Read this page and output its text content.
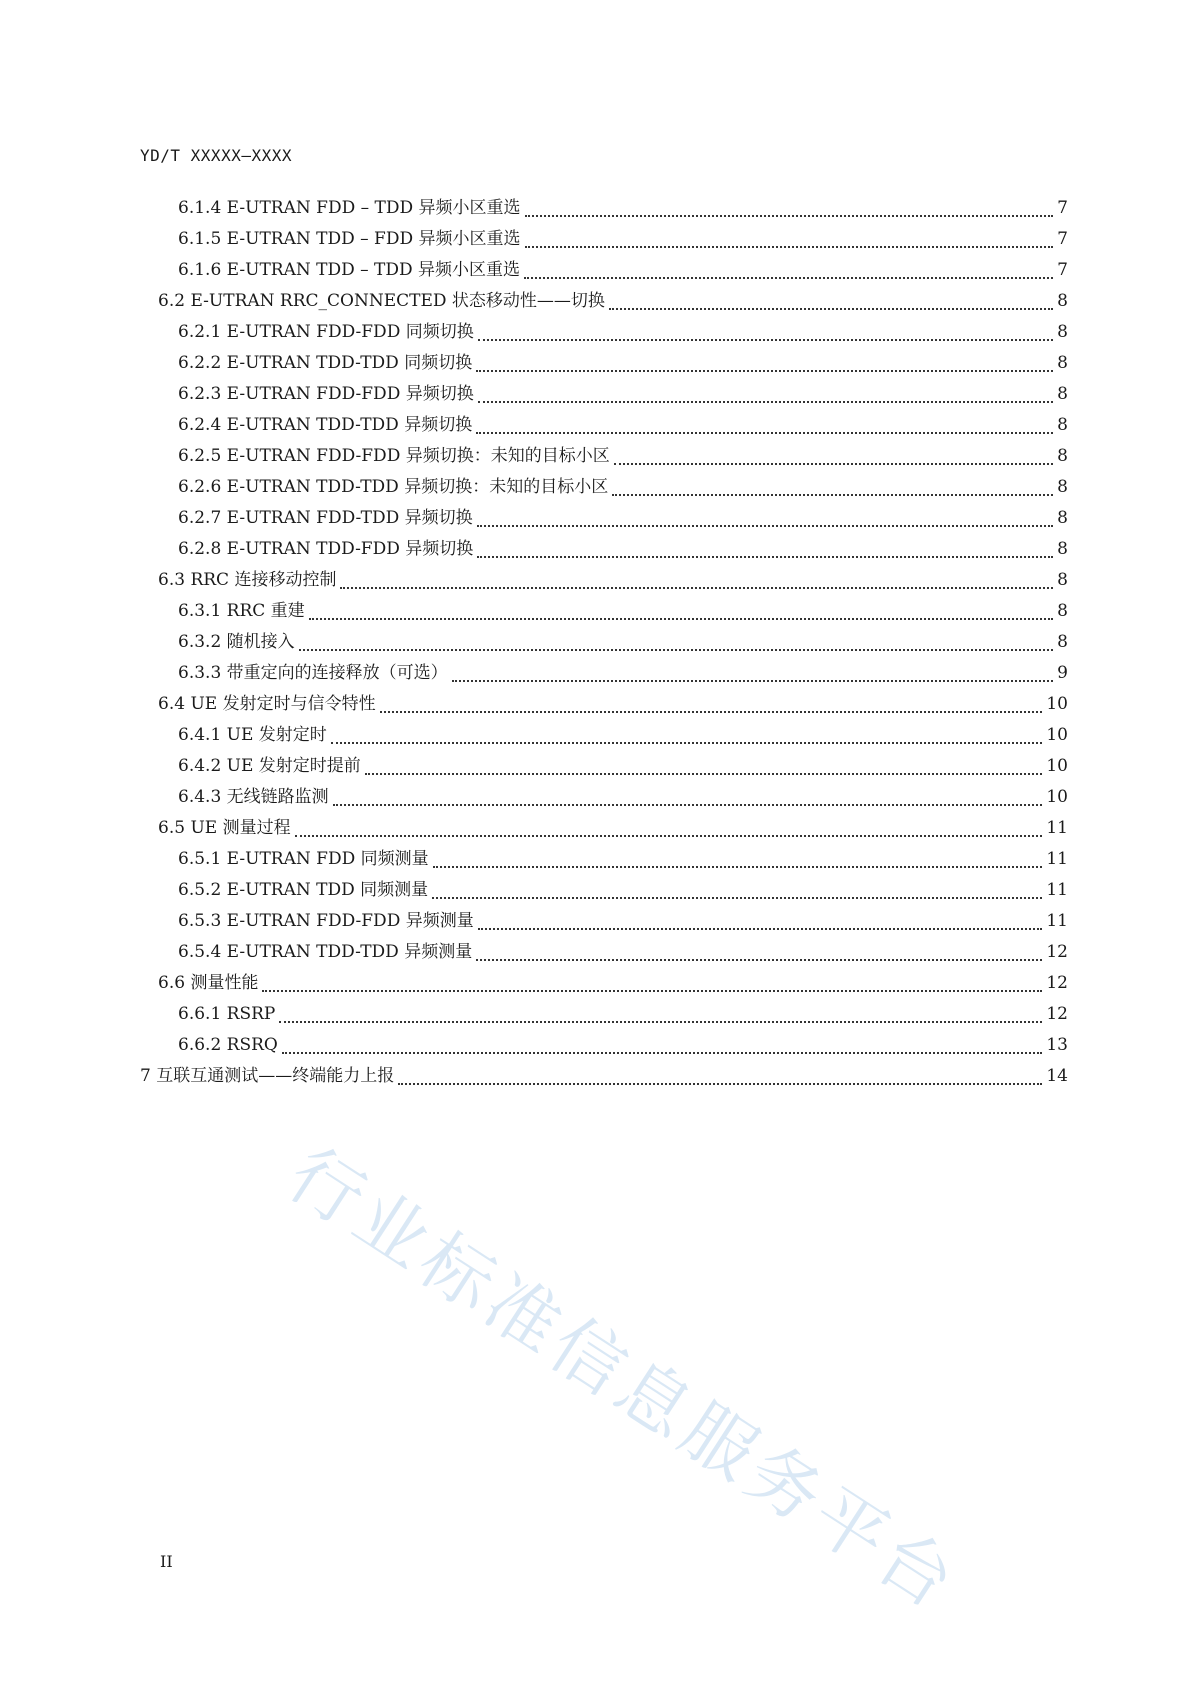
YD/T XXXXX—XXXX
6.1.4 E-UTRAN FDD – TDD 异频小区重选	7
6.1.5 E-UTRAN TDD – FDD 异频小区重选	7
6.1.6 E-UTRAN TDD – TDD 异频小区重选	7
6.2 E-UTRAN RRC_CONNECTED 状态移动性——切换	8
6.2.1 E-UTRAN FDD-FDD 同频切换	8
6.2.2 E-UTRAN TDD-TDD 同频切换	8
6.2.3 E-UTRAN FDD-FDD 异频切换	8
6.2.4 E-UTRAN TDD-TDD 异频切换	8
6.2.5 E-UTRAN FDD-FDD 异频切换：未知的目标小区	8
6.2.6 E-UTRAN TDD-TDD 异频切换：未知的目标小区	8
6.2.7 E-UTRAN FDD-TDD 异频切换	8
6.2.8 E-UTRAN TDD-FDD 异频切换	8
6.3 RRC 连接移动控制	8
6.3.1 RRC 重建	8
6.3.2 随机接入	8
6.3.3 带重定向的连接释放（可选）	9
6.4 UE 发射定时与信令特性	10
6.4.1 UE 发射定时	10
6.4.2 UE 发射定时提前	10
6.4.3 无线链路监测	10
6.5 UE 测量过程	11
6.5.1 E-UTRAN FDD 同频测量	11
6.5.2 E-UTRAN TDD 同频测量	11
6.5.3 E-UTRAN FDD-FDD 异频测量	11
6.5.4 E-UTRAN TDD-TDD 异频测量	12
6.6 测量性能	12
6.6.1 RSRP	12
6.6.2 RSRQ	13
7 互联互通测试——终端能力上报	14
II 行业标准信息服务平台
